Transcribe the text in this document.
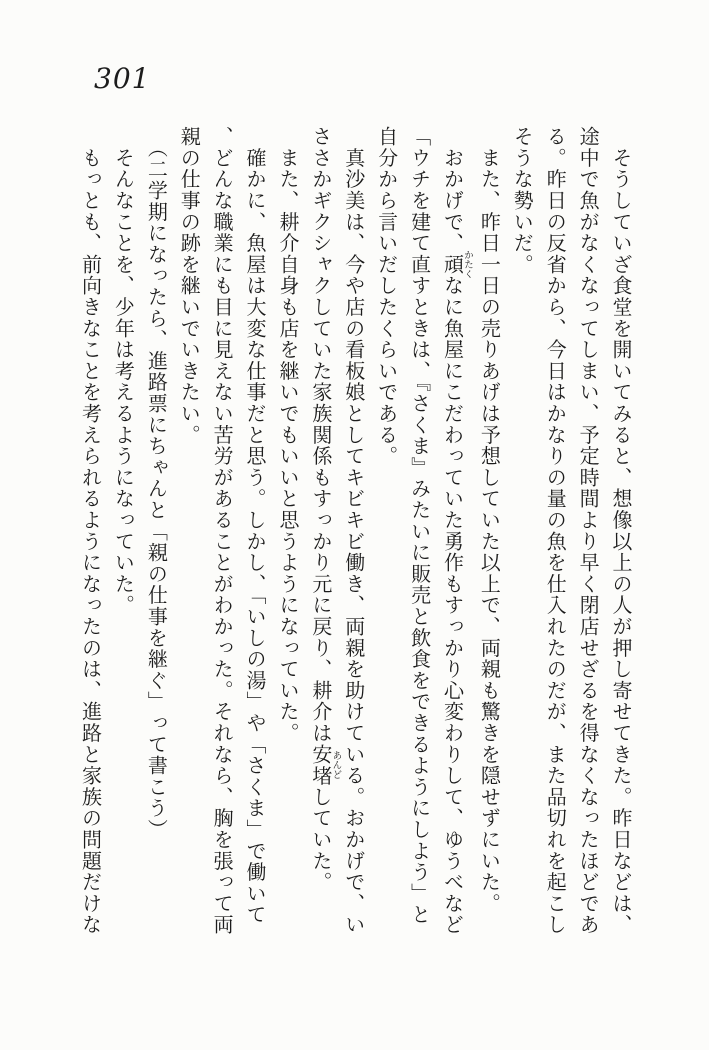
301

　そうしていざ食堂を開いてみると、想像以上の人が押し寄せてきた。昨日などは、途中で魚がなくなってしまい、予定時間より早く閉店せざるを得なくなったほどである。昨日の反省から、今日はかなりの量の魚を仕入れたのだが、また品切れを起こしそうな勢いだ。

　また、昨日一日の売りあげは予想していた以上で、両親も驚きを隠せずにいた。

　おかげで、頑かたくなに魚屋にこだわっていた勇作もすっかり心変わりして、ゆうべなど「ウチを建て直すときは、『さくま』みたいに販売と飲食をできるようにしよう」と自分から言いだしたくらいである。

　真沙美は、今や店の看板娘としてキビキビ働き、両親を助けている。おかげで、いささかギクシャクしていた家族関係もすっかり元に戻り、耕介は安堵あんどしていた。

　また、耕介自身も店を継いでもいいと思うようになっていた。

　確かに、魚屋は大変な仕事だと思う。しかし、「いしの湯」や「さくま」で働いて、どんな職業にも目に見えない苦労があることがわかった。それなら、胸を張って両親の仕事の跡を継いでいきたい。

　（二学期になったら、進路票にちゃんと「親の仕事を継ぐ」って書こう）

　そんなことを、少年は考えるようになっていた。

　もっとも、前向きなことを考えられるようになったのは、進路と家族の問題だけな
